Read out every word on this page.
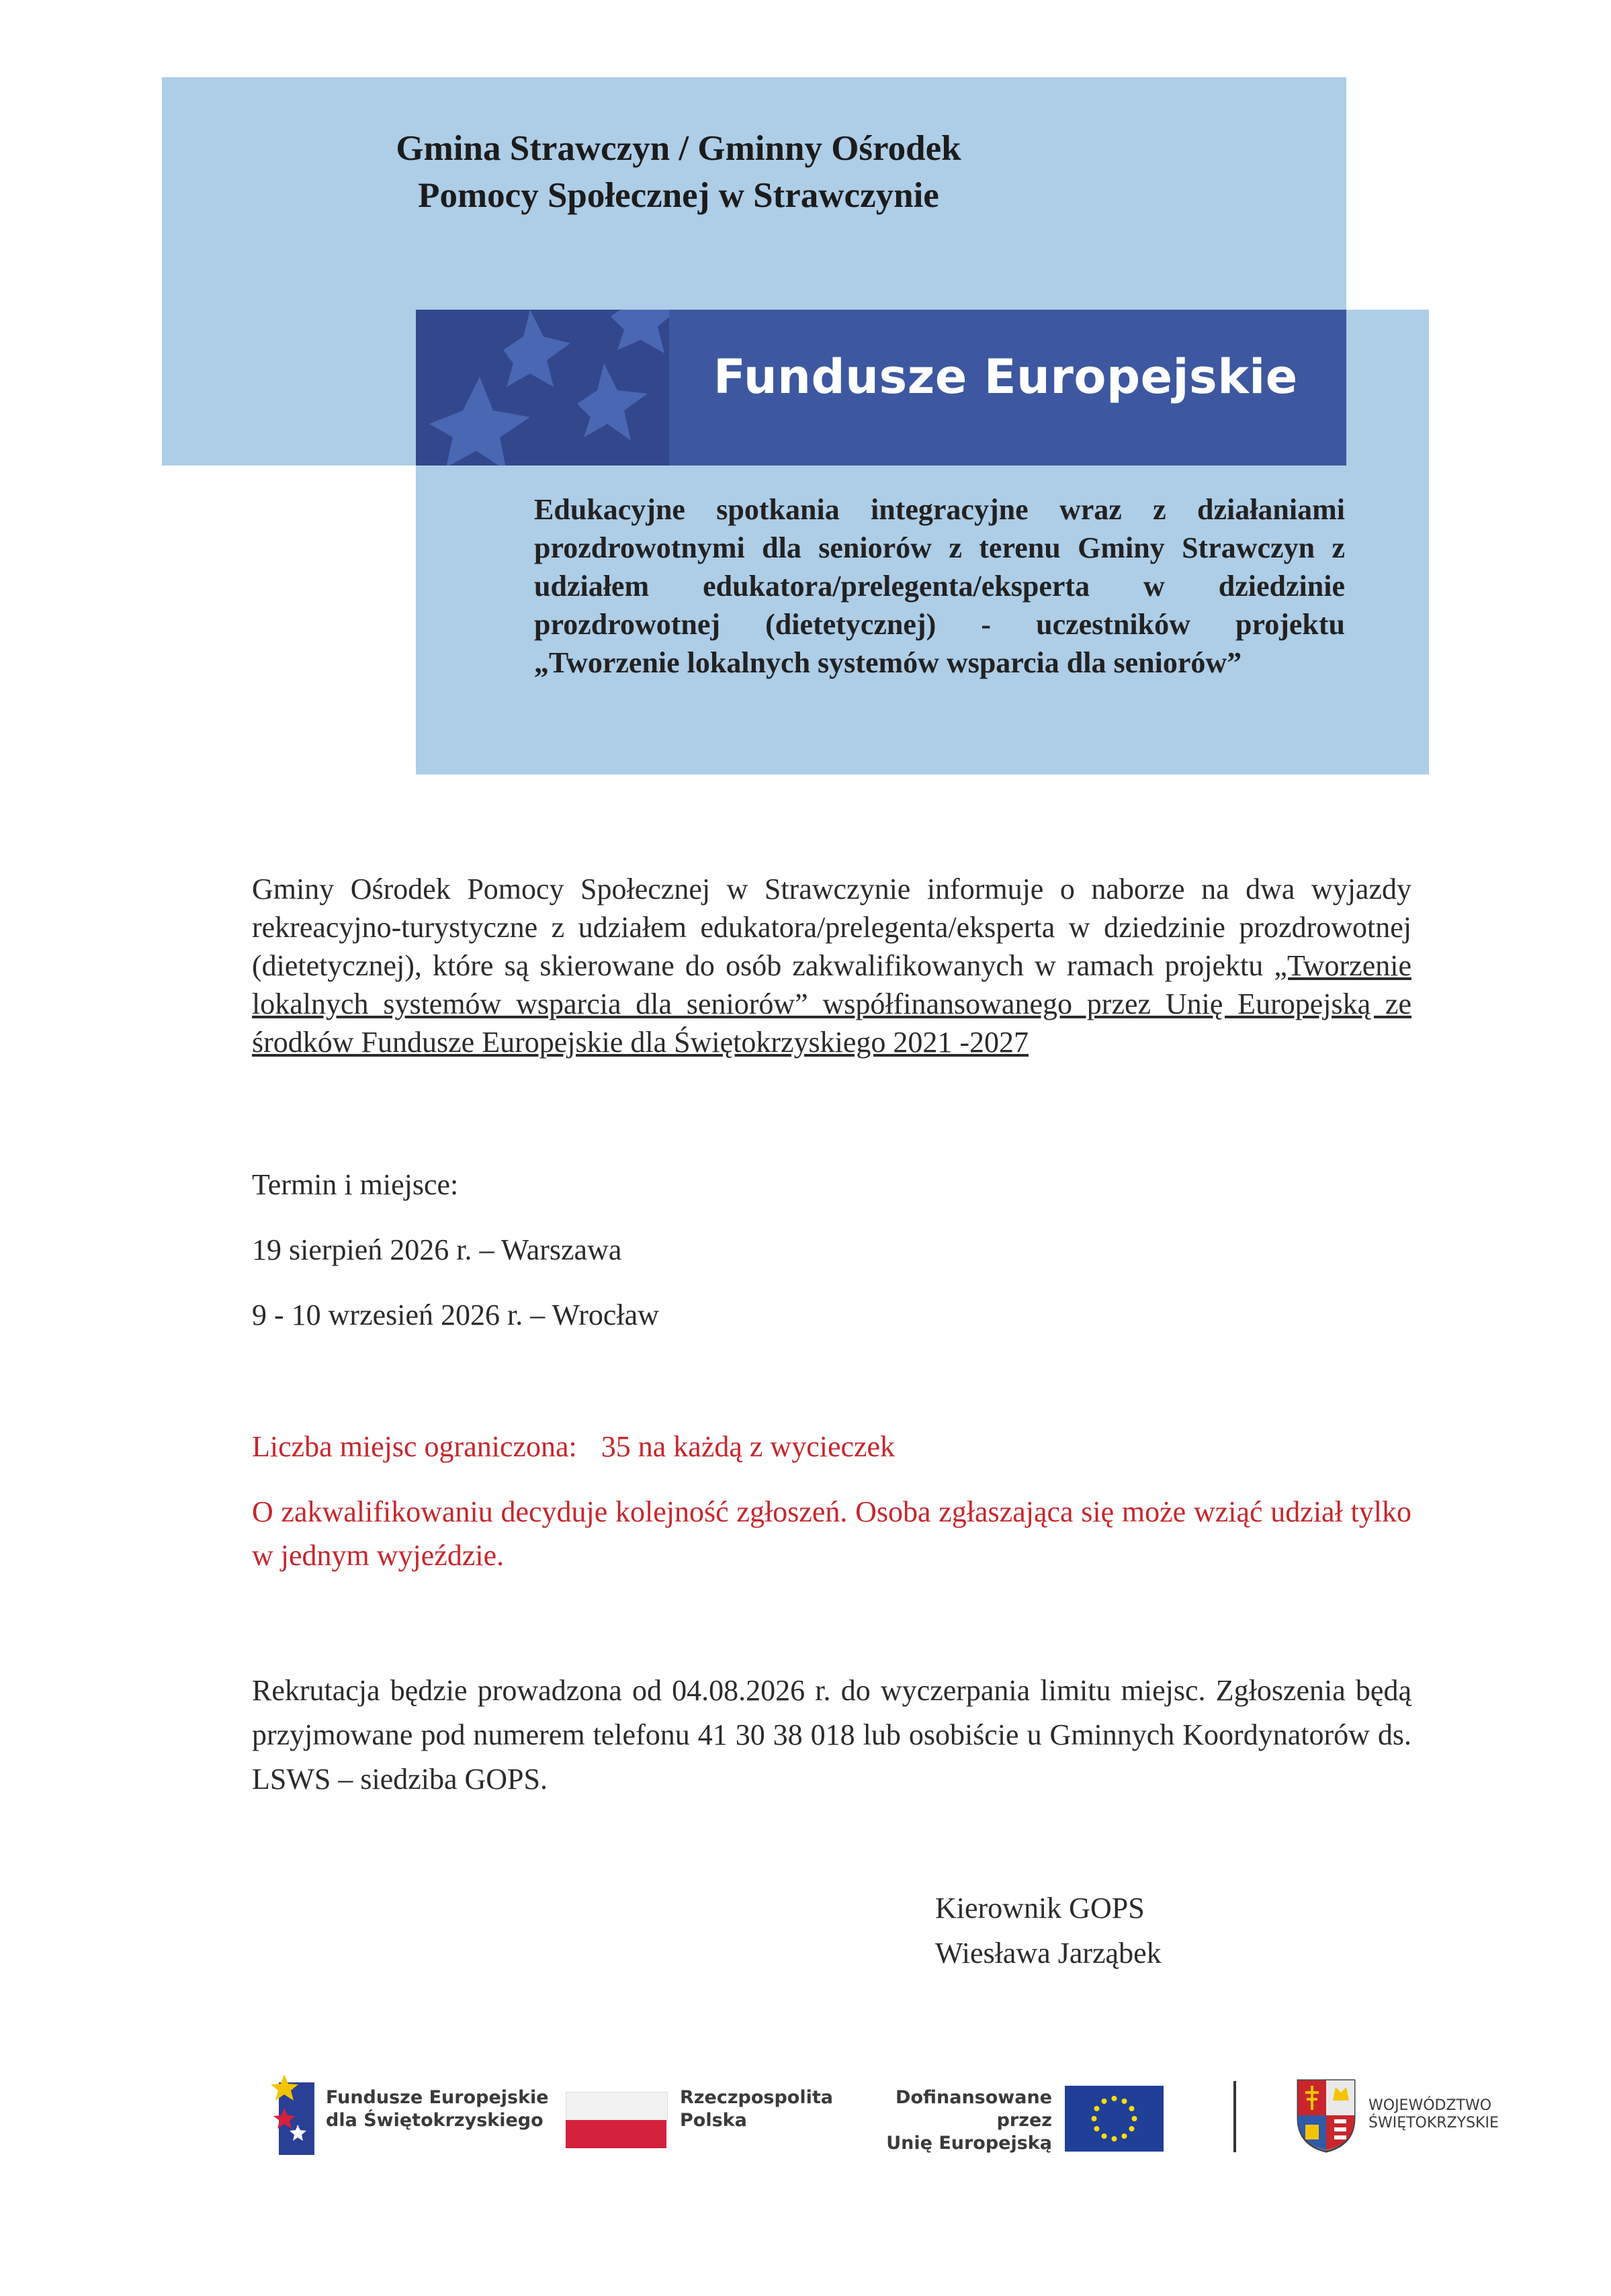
Fundusze Europejskie
Gmina Strawczyn / Gminny Ośrodek
Pomocy Społecznej w Strawczynie
Edukacyjne spotkania integracyjne wraz z działaniami prozdrowotnymi dla seniorów z terenu Gminy Strawczyn z udziałem edukatora/prelegenta/eksperta w dziedzinie prozdrowotnej (dietetycznej) - uczestników projektu „Tworzenie lokalnych systemów wsparcia dla seniorów”
Gminy Ośrodek Pomocy Społecznej w Strawczynie informuje o naborze na dwa wyjazdy rekreacyjno-turystyczne z udziałem edukatora/prelegenta/eksperta w dziedzinie prozdrowotnej (dietetycznej), które są skierowane do osób zakwalifikowanych w ramach projektu „Tworzenie lokalnych systemów wsparcia dla seniorów” współfinansowanego przez Unię Europejską ze środków Fundusze Europejskie dla Świętokrzyskiego 2021 -2027
Termin i miejsce:
19 sierpień 2026 r. – Warszawa
9 - 10 wrzesień 2026 r. – Wrocław
Liczba miejsc ograniczona: 35 na każdą z wycieczek
O zakwalifikowaniu decyduje kolejność zgłoszeń. Osoba zgłaszająca się może wziąć udział tylko w jednym wyjeździe.
Rekrutacja będzie prowadzona od 04.08.2026 r. do wyczerpania limitu miejsc. Zgłoszenia będą przyjmowane pod numerem telefonu 41 30 38 018 lub osobiście u Gminnych Koordynatorów ds. LSWS – siedziba GOPS.
Kierownik GOPS
Wiesława Jarząbek
Fundusze Europejskie
dla Świętokrzyskiego
Rzeczpospolita
Polska
Dofinansowane przez
Unię Europejską
WOJEWÓDZTWO
ŚWIĘTOKRZYSKIE
